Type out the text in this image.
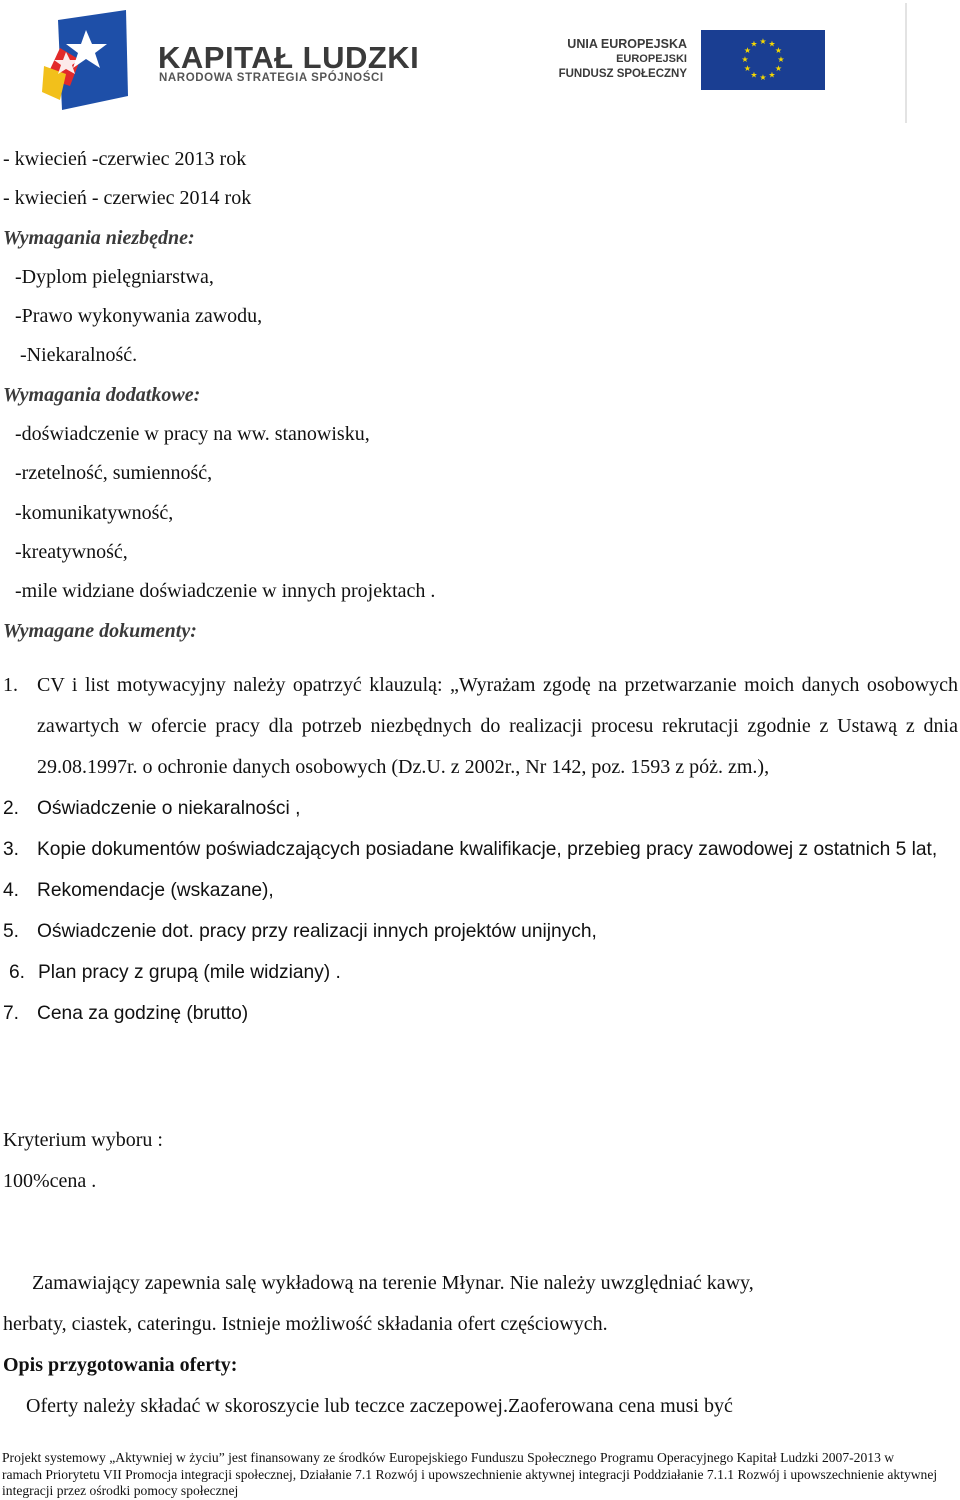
KAPITAŁ LUDZKI
NARODOWA STRATEGIA SPÓJNOŚCI
UNIA EUROPEJSKA
EUROPEJSKI
FUNDUSZ SPOŁECZNY
★ ★
★
★
★
★
★
★
★
★
★
★
- kwiecień -czerwiec 2013 rok
- kwiecień - czerwiec 2014 rok
Wymagania niezbędne:
-Dyplom pielęgniarstwa,
-Prawo wykonywania zawodu,
-Niekaralność.
Wymagania dodatkowe:
-doświadczenie w pracy na ww. stanowisku,
-rzetelność, sumienność,
-komunikatywność,
-kreatywność,
-mile widziane doświadczenie w innych projektach .
Wymagane dokumenty:
1. CV i list motywacyjny należy opatrzyć klauzulą: „Wyrażam zgodę na przetwarzanie moich danych osobowych zawartych w ofercie pracy dla potrzeb niezbędnych do realizacji procesu rekrutacji zgodnie z Ustawą z dnia 29.08.1997r. o ochronie danych osobowych (Dz.U. z 2002r., Nr 142, poz. 1593 z póż. zm.),
2. Oświadczenie o niekaralności ,
3. Kopie dokumentów poświadczających posiadane kwalifikacje, przebieg pracy zawodowej z ostatnich 5 lat,
4. Rekomendacje (wskazane),
5. Oświadczenie dot. pracy przy realizacji innych projektów unijnych,
6. Plan pracy z grupą (mile widziany) .
7. Cena za godzinę (brutto)
Kryterium wyboru :
100%cena .
Zamawiający zapewnia salę wykładową na terenie Młynar. Nie należy uwzględniać kawy,
herbaty, ciastek, cateringu. Istnieje możliwość składania ofert częściowych.
Opis przygotowania oferty:
Oferty należy składać w skoroszycie lub teczce zaczepowej.Zaoferowana cena musi być
Projekt systemowy „Aktywniej w życiu” jest finansowany ze środków Europejskiego Funduszu Społecznego Programu Operacyjnego Kapitał Ludzki 2007-2013 w
ramach Priorytetu VII Promocja integracji społecznej, Działanie 7.1 Rozwój i upowszechnienie aktywnej integracji Poddziałanie 7.1.1 Rozwój i upowszechnienie aktywnej
integracji przez ośrodki pomocy społecznej
